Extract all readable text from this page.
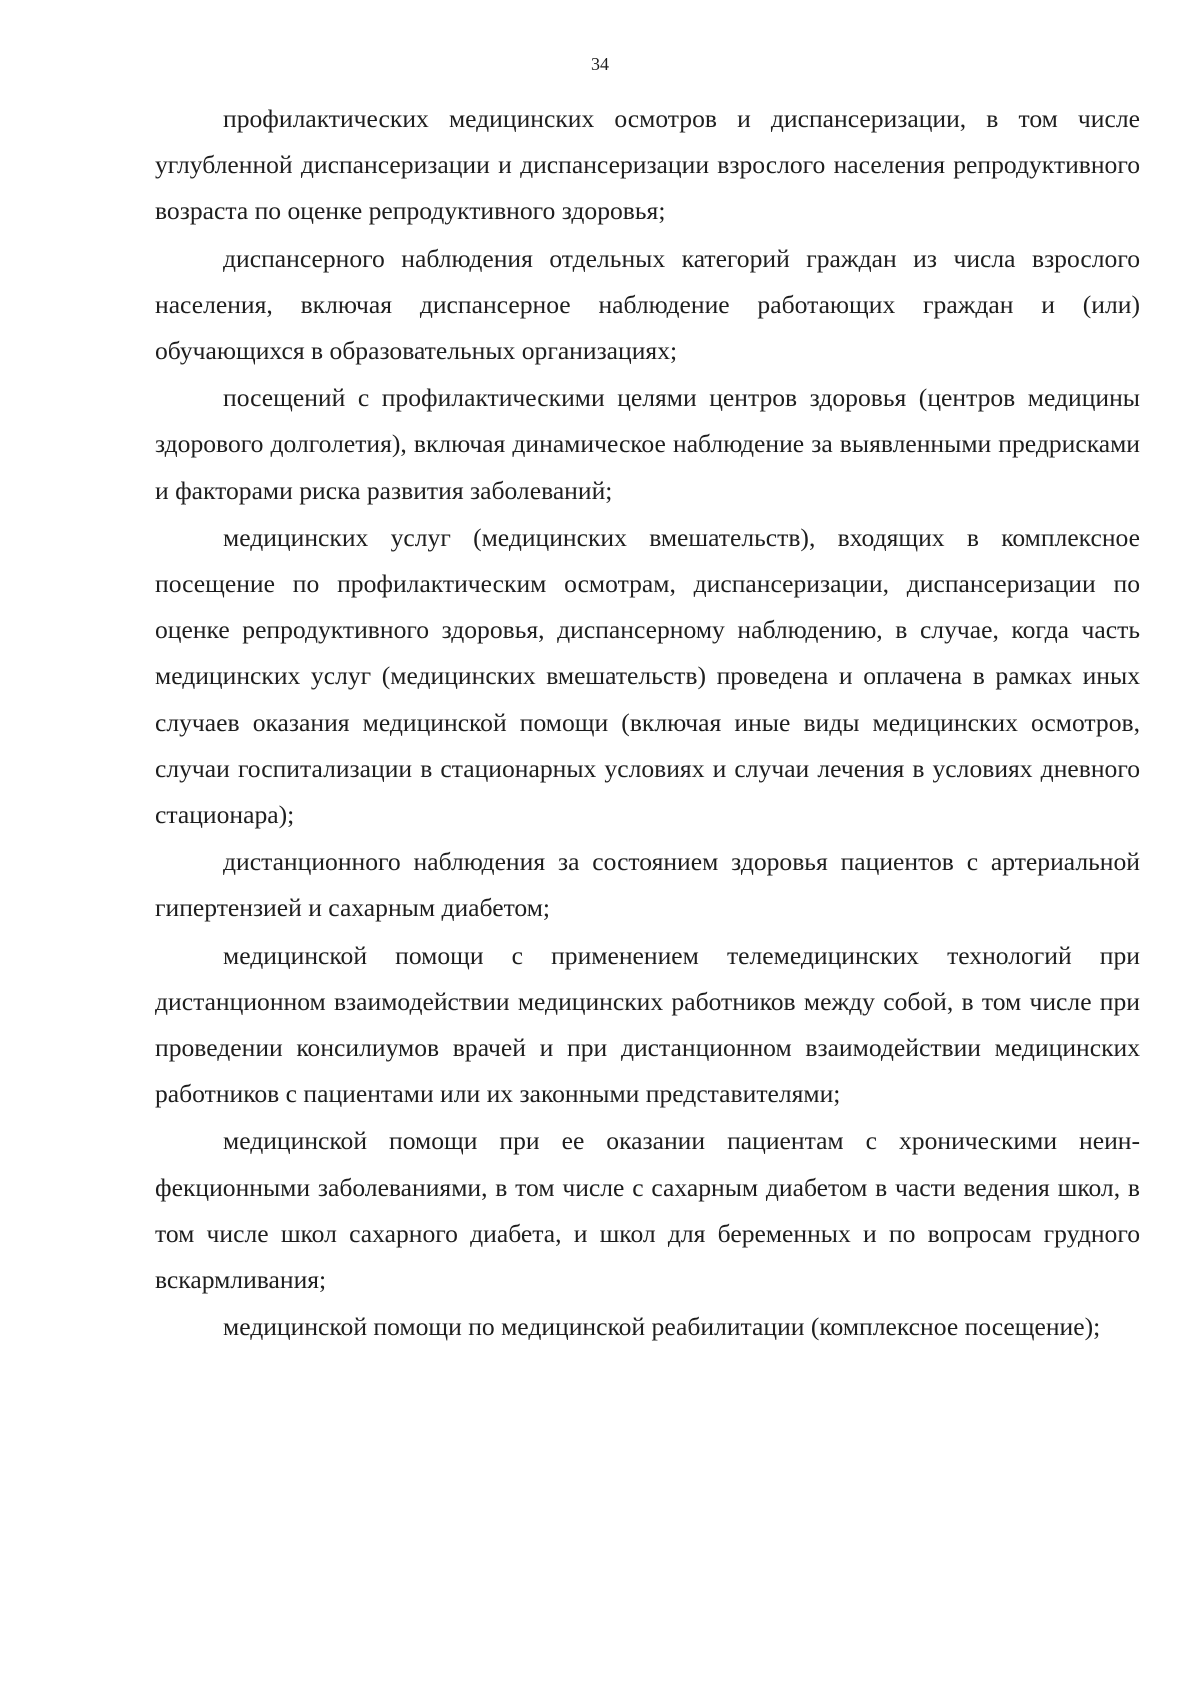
34

профилактических медицинских осмотров и диспансеризации, в том числе углубленной диспансеризации и диспансеризации взрослого населения репродуктивного возраста по оценке репродуктивного здоровья;

диспансерного наблюдения отдельных категорий граждан из числа взрослого населения, включая диспансерное наблюдение работающих граждан и (или) обучающихся в образовательных организациях;

посещений с профилактическими целями центров здоровья (центров медицины здорового долголетия), включая динамическое наблюдение за выявленными предрисками и факторами риска развития заболеваний;

медицинских услуг (медицинских вмешательств), входящих в комплексное посещение по профилактическим осмотрам, диспансеризации, диспансеризации по оценке репродуктивного здоровья, диспансерному наблюдению, в случае, когда часть медицинских услуг (медицинских вмешательств) проведена и оплачена в рамках иных случаев оказания медицинской помощи (включая иные виды медицинских осмотров, случаи госпитализации в стационарных условиях и случаи лечения в условиях дневного стационара);

дистанционного наблюдения за состоянием здоровья пациентов с артериальной гипертензией и сахарным диабетом;

медицинской помощи с применением телемедицинских технологий при дистанционном взаимодействии медицинских работников между собой, в том числе при проведении консилиумов врачей и при дистанционном взаимодействии медицинских работников с пациентами или их законными представителями;

медицинской помощи при ее оказании пациентам с хроническими неинфекционными заболеваниями, в том числе с сахарным диабетом в части ведения школ, в том числе школ сахарного диабета, и школ для беременных и по вопросам грудного вскармливания;

медицинской помощи по медицинской реабилитации (комплексное посещение);
